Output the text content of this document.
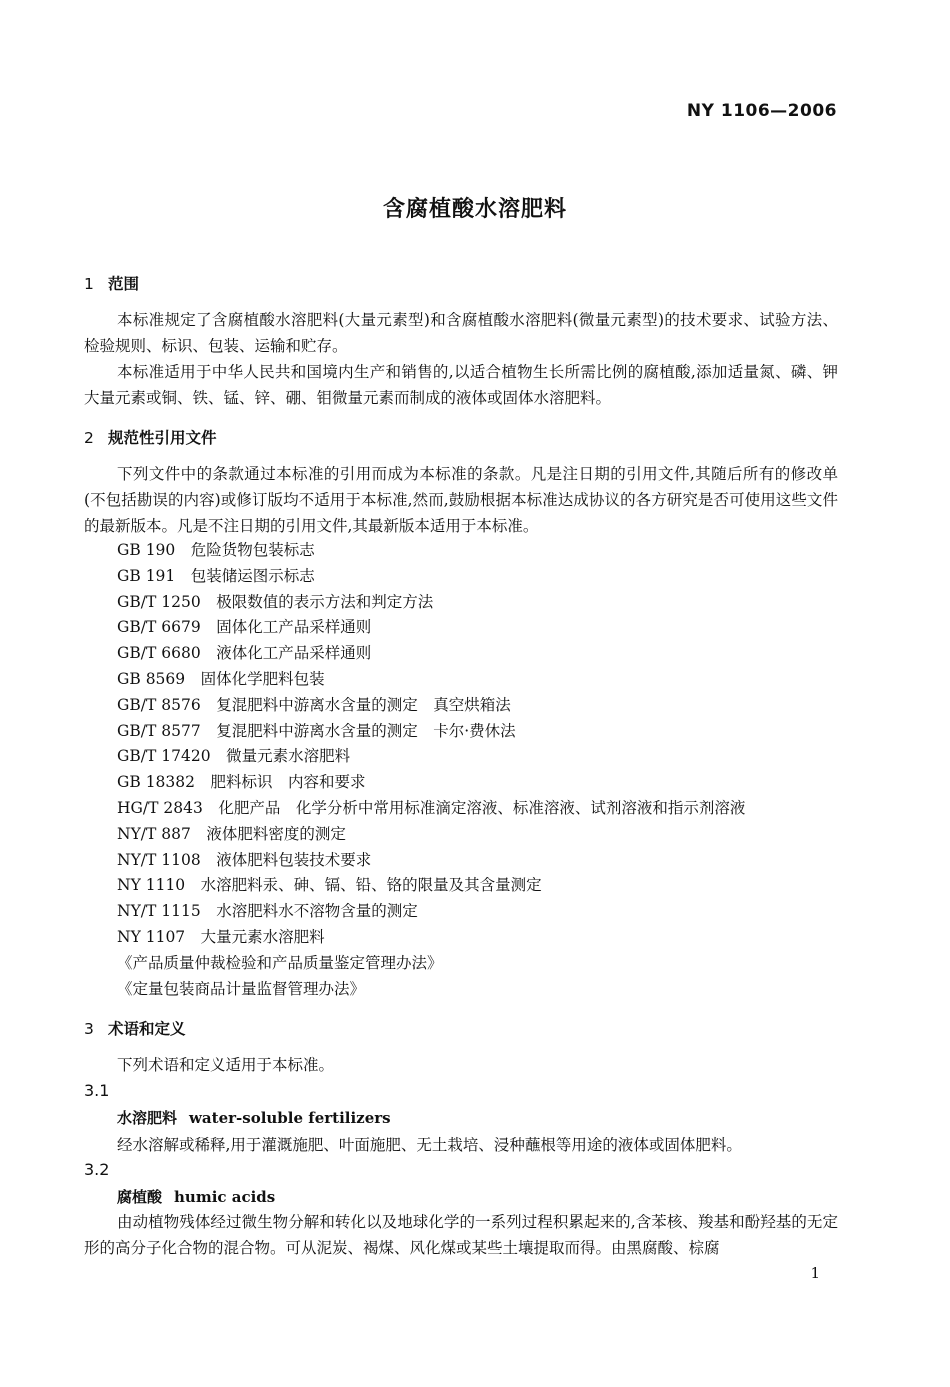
NY 1106—2006
含腐植酸水溶肥料
1 范围
本标准规定了含腐植酸水溶肥料(大量元素型)和含腐植酸水溶肥料(微量元素型)的技术要求、试验方法、检验规则、标识、包装、运输和贮存。
本标准适用于中华人民共和国境内生产和销售的,以适合植物生长所需比例的腐植酸,添加适量氮、磷、钾大量元素或铜、铁、锰、锌、硼、钼微量元素而制成的液体或固体水溶肥料。
2 规范性引用文件
下列文件中的条款通过本标准的引用而成为本标准的条款。凡是注日期的引用文件,其随后所有的修改单(不包括勘误的内容)或修订版均不适用于本标准,然而,鼓励根据本标准达成协议的各方研究是否可使用这些文件的最新版本。凡是不注日期的引用文件,其最新版本适用于本标准。
GB 190　危险货物包装标志
GB 191　包装储运图示标志
GB/T 1250　极限数值的表示方法和判定方法
GB/T 6679　固体化工产品采样通则
GB/T 6680　液体化工产品采样通则
GB 8569　固体化学肥料包装
GB/T 8576　复混肥料中游离水含量的测定　真空烘箱法
GB/T 8577　复混肥料中游离水含量的测定　卡尔·费休法
GB/T 17420　微量元素水溶肥料
GB 18382　肥料标识　内容和要求
HG/T 2843　化肥产品　化学分析中常用标准滴定溶液、标准溶液、试剂溶液和指示剂溶液
NY/T 887　液体肥料密度的测定
NY/T 1108　液体肥料包装技术要求
NY 1110　水溶肥料汞、砷、镉、铅、铬的限量及其含量测定
NY/T 1115　水溶肥料水不溶物含量的测定
NY 1107　大量元素水溶肥料
《产品质量仲裁检验和产品质量鉴定管理办法》
《定量包装商品计量监督管理办法》
3 术语和定义
下列术语和定义适用于本标准。
3.1
水溶肥料 water-soluble fertilizers
经水溶解或稀释,用于灌溉施肥、叶面施肥、无土栽培、浸种蘸根等用途的液体或固体肥料。
3.2
腐植酸 humic acids
由动植物残体经过微生物分解和转化以及地球化学的一系列过程积累起来的,含苯核、羧基和酚羟基的无定形的高分子化合物的混合物。可从泥炭、褐煤、风化煤或某些土壤提取而得。由黑腐酸、棕腐
1
